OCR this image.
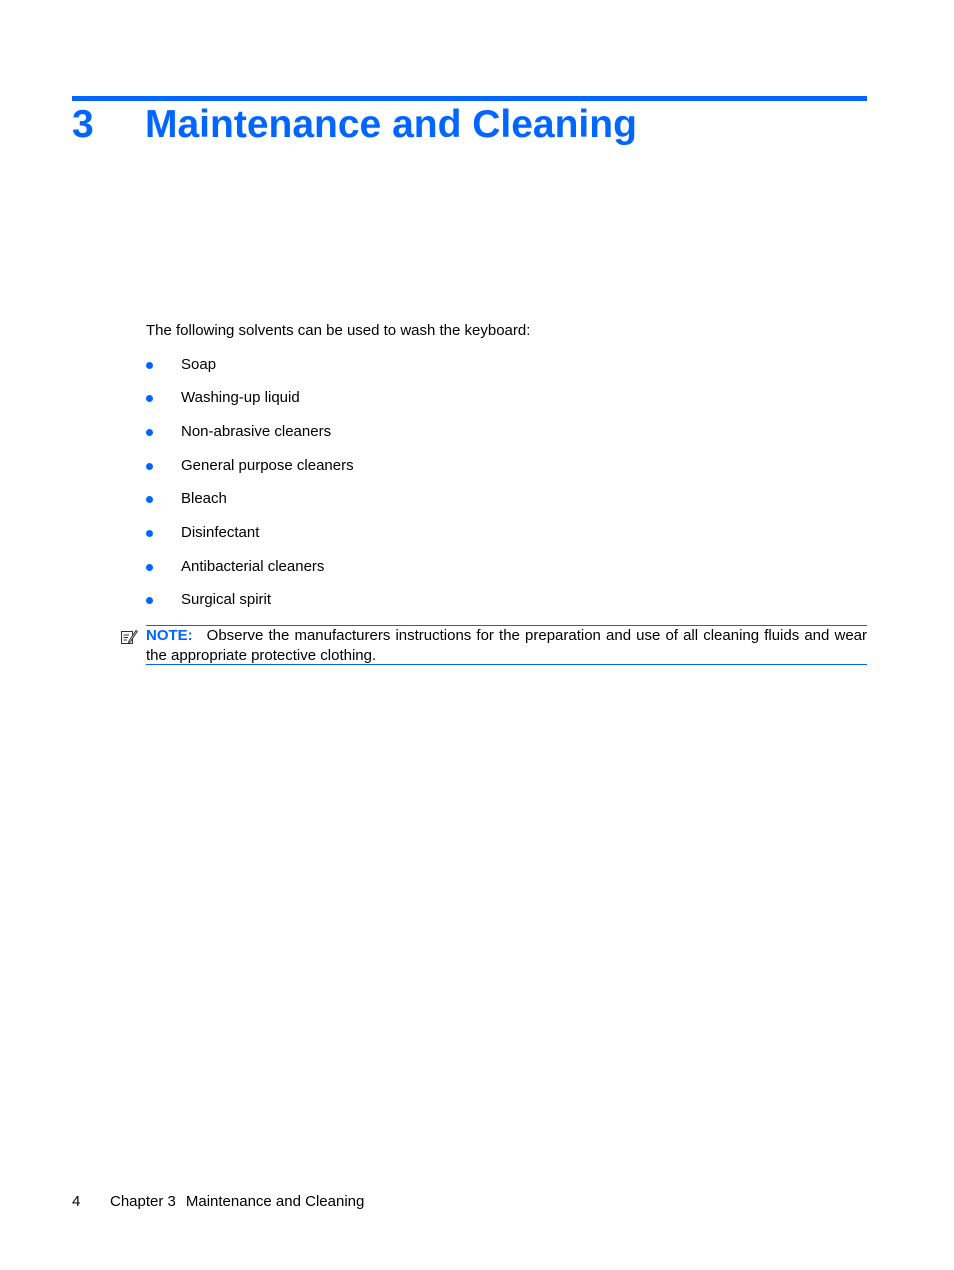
3 Maintenance and Cleaning

The following solvents can be used to wash the keyboard:

Soap
Washing-up liquid
Non-abrasive cleaners
General purpose cleaners
Bleach
Disinfectant
Antibacterial cleaners
Surgical spirit
NOTE: Observe the manufacturers instructions for the preparation and use of all cleaning fluids and wear the appropriate protective clothing.
4 Chapter 3 Maintenance and Cleaning
